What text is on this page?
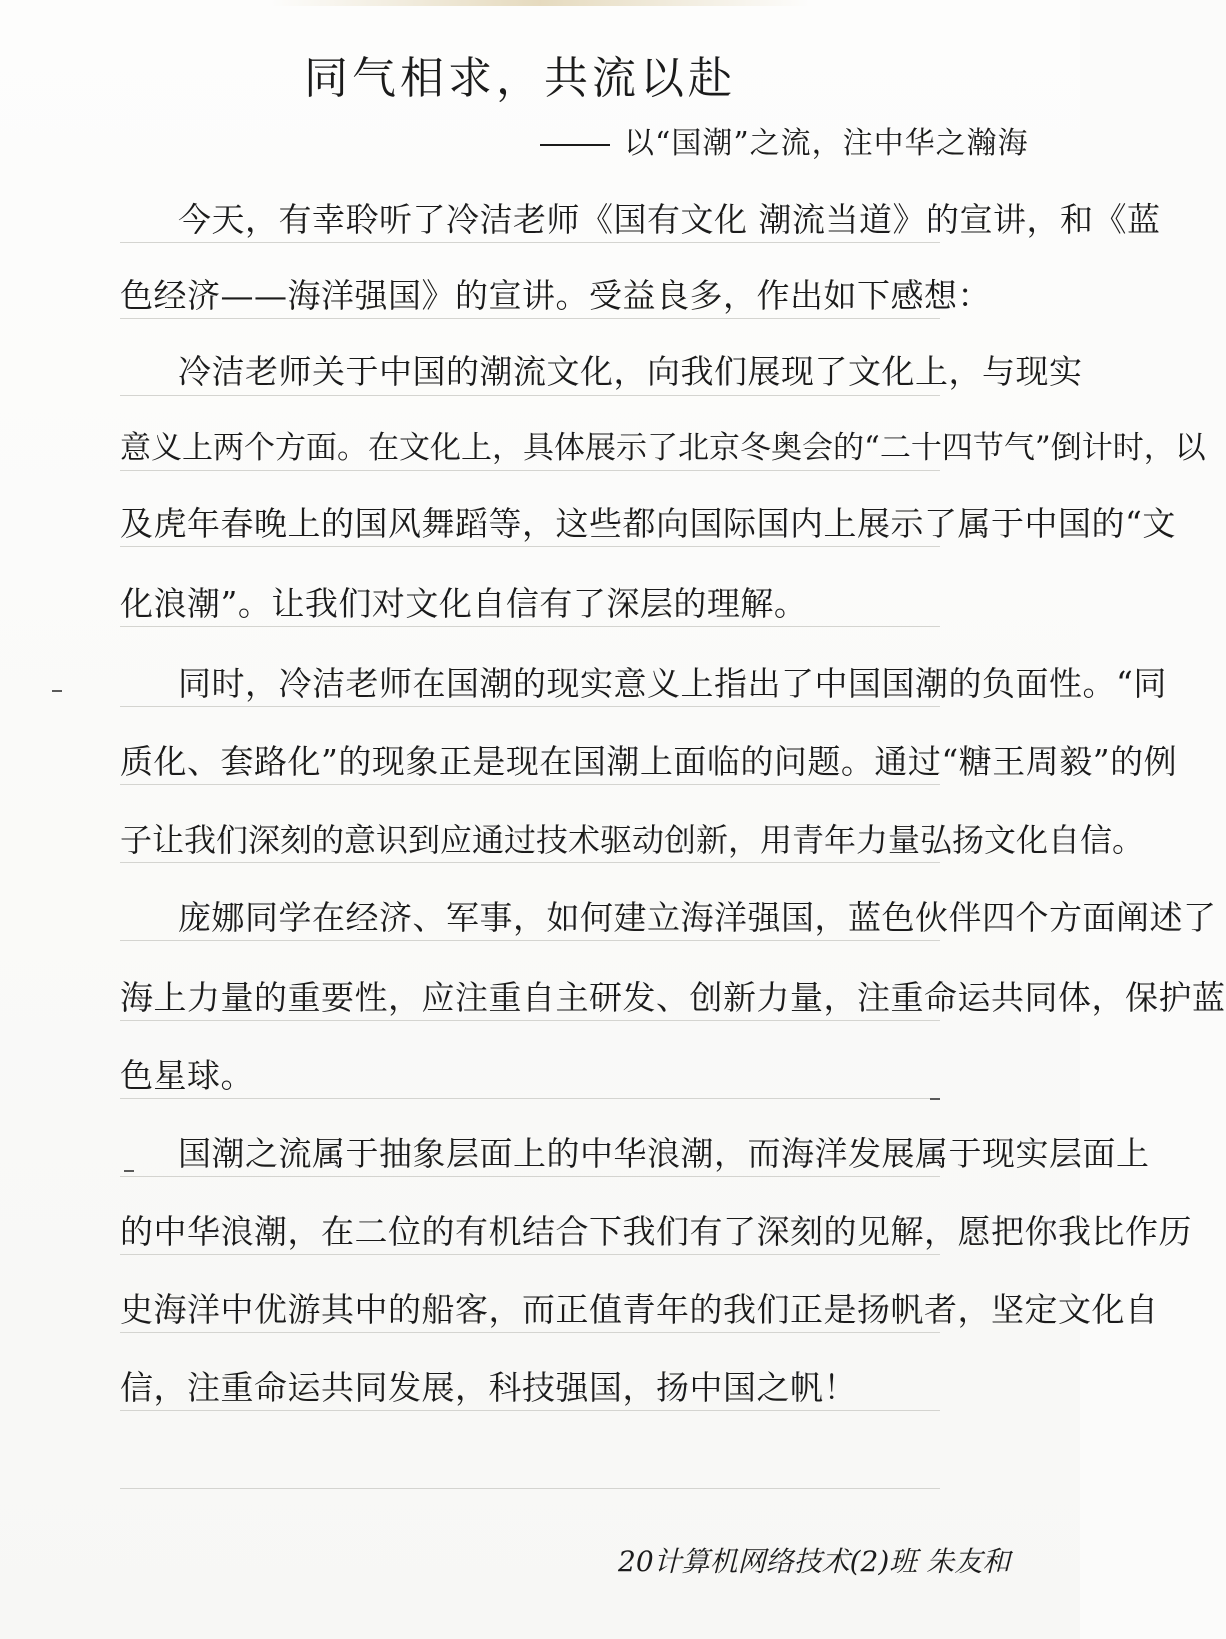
同气相求，共流以赴
以“国潮”之流，注中华之瀚海
今天，有幸聆听了冷洁老师《国有文化 潮流当道》的宣讲，和《蓝
色经济——海洋强国》的宣讲。受益良多，作出如下感想：
冷洁老师关于中国的潮流文化，向我们展现了文化上，与现实
意义上两个方面。在文化上，具体展示了北京冬奥会的“二十四节气”倒计时，以
及虎年春晚上的国风舞蹈等，这些都向国际国内上展示了属于中国的“文
化浪潮”。让我们对文化自信有了深层的理解。
同时，冷洁老师在国潮的现实意义上指出了中国国潮的负面性。“同
质化、套路化”的现象正是现在国潮上面临的问题。通过“糖王周毅”的例
子让我们深刻的意识到应通过技术驱动创新，用青年力量弘扬文化自信。
庞娜同学在经济、军事，如何建立海洋强国，蓝色伙伴四个方面阐述了
海上力量的重要性，应注重自主研发、创新力量，注重命运共同体，保护蓝
色星球。
国潮之流属于抽象层面上的中华浪潮，而海洋发展属于现实层面上
的中华浪潮，在二位的有机结合下我们有了深刻的见解，愿把你我比作历
史海洋中优游其中的船客，而正值青年的我们正是扬帆者，坚定文化自
信，注重命运共同发展，科技强国，扬中国之帆！
20计算机网络技术(2)班 朱友和
